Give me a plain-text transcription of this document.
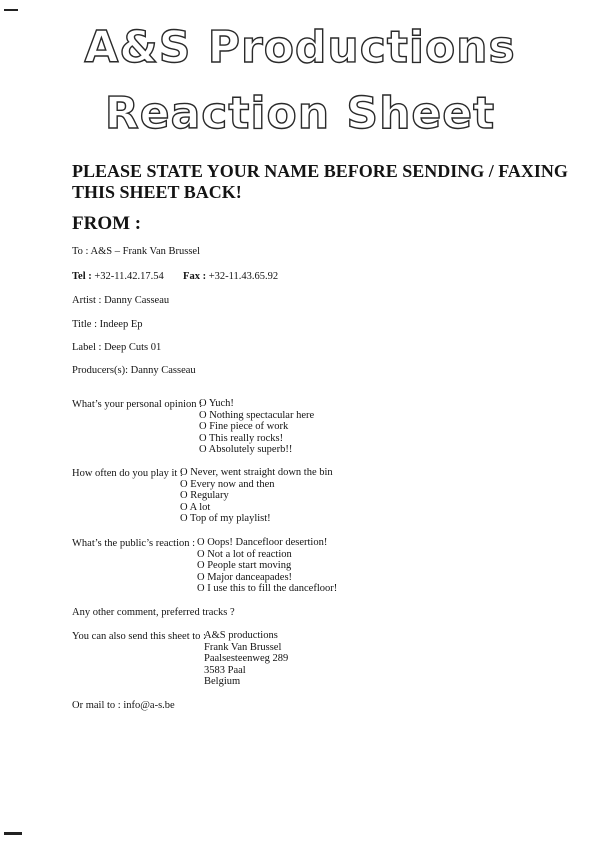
A&S Productions
Reaction Sheet
PLEASE STATE YOUR NAME BEFORE SENDING / FAXING
THIS SHEET BACK!
FROM :
To : A&S – Frank Van Brussel
Tel : +32-11.42.17.54 Fax : +32-11.43.65.92
Artist : Danny Casseau
Title : Indeep Ep
Label : Deep Cuts 01
Producers(s): Danny Casseau
What’s your personal opinion :
O Yuch!
O Nothing spectacular here
O Fine piece of work
O This really rocks!
O Absolutely superb!!
How often do you play it :
O Never, went straight down the bin
O Every now and then
O Regulary
O A lot
O Top of my playlist!
What’s the public’s reaction : O Oops! Dancefloor desertion!
O Not a lot of reaction
O People start moving
O Major danceapades!
O I use this to fill the dancefloor!
Any other comment, preferred tracks ?
You can also send this sheet to :
A&S productions
Frank Van Brussel
Paalsesteenweg 289
3583 Paal
Belgium
Or mail to : info@a-s.be
